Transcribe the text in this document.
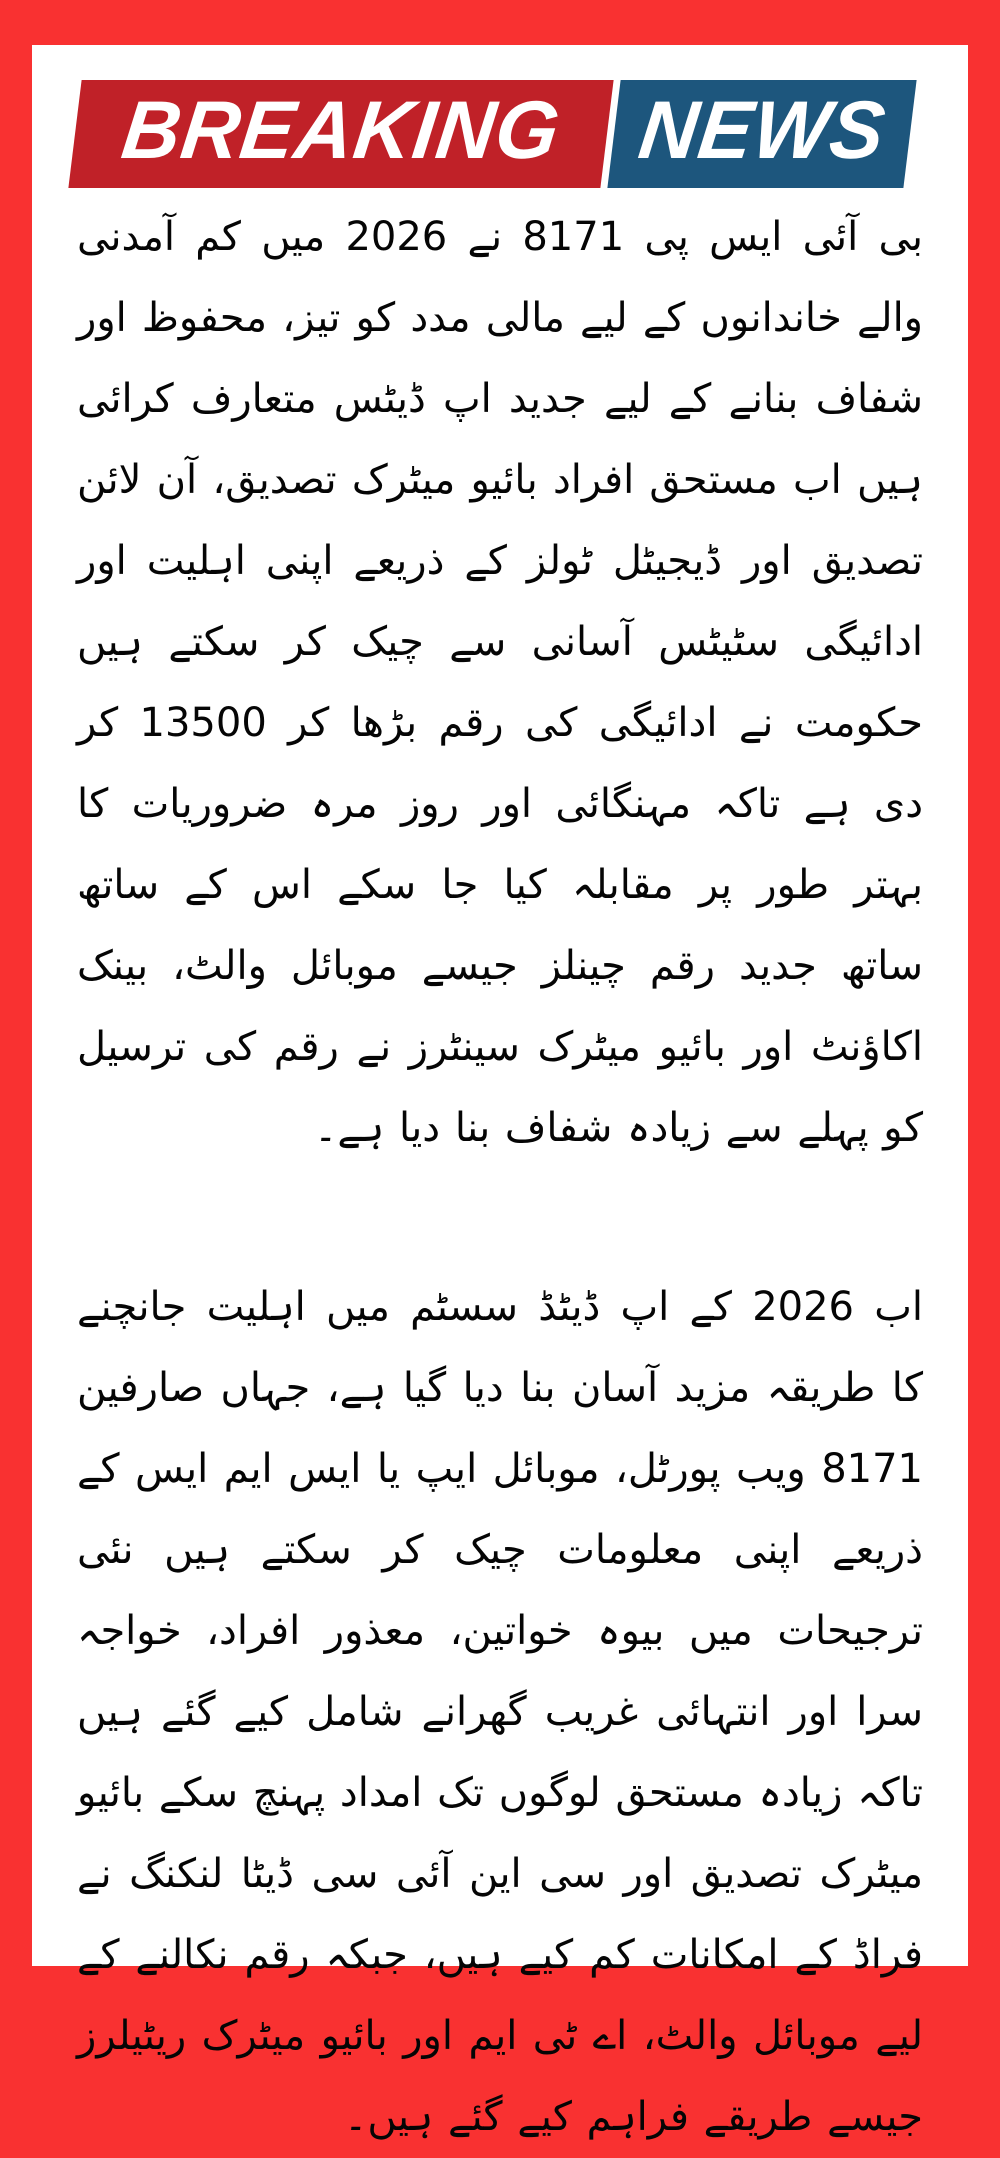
BREAKING NEWS

بی آئی ایس پی 8171 نے 2026 میں کم آمدنی والے خاندانوں کے لیے مالی مدد کو تیز، محفوظ اور شفاف بنانے کے لیے جدید اپ ڈیٹس متعارف کرائی ہیں اب مستحق افراد بائیو میٹرک تصدیق، آن لائن تصدیق اور ڈیجیٹل ٹولز کے ذریعے اپنی اہلیت اور ادائیگی سٹیٹس آسانی سے چیک کر سکتے ہیں حکومت نے ادائیگی کی رقم بڑھا کر 13500 کر دی ہے تاکہ مہنگائی اور روز مرہ ضروریات کا بہتر طور پر مقابلہ کیا جا سکے اس کے ساتھ ساتھ جدید رقم چینلز جیسے موبائل والٹ، بینک اکاؤنٹ اور بائیو میٹرک سینٹرز نے رقم کی ترسیل کو پہلے سے زیادہ شفاف بنا دیا ہے۔

اب 2026 کے اپ ڈیٹڈ سسٹم میں اہلیت جانچنے کا طریقہ مزید آسان بنا دیا گیا ہے، جہاں صارفین 8171 ویب پورٹل، موبائل ایپ یا ایس ایم ایس کے ذریعے اپنی معلومات چیک کر سکتے ہیں نئی ترجیحات میں بیوہ خواتین، معذور افراد، خواجہ سرا اور انتہائی غریب گھرانے شامل کیے گئے ہیں تاکہ زیادہ مستحق لوگوں تک امداد پہنچ سکے بائیو میٹرک تصدیق اور سی این آئی سی ڈیٹا لنکنگ نے فراڈ کے امکانات کم کیے ہیں، جبکہ رقم نکالنے کے لیے موبائل والٹ، اے ٹی ایم اور بائیو میٹرک ریٹیلرز جیسے طریقے فراہم کیے گئے ہیں۔
